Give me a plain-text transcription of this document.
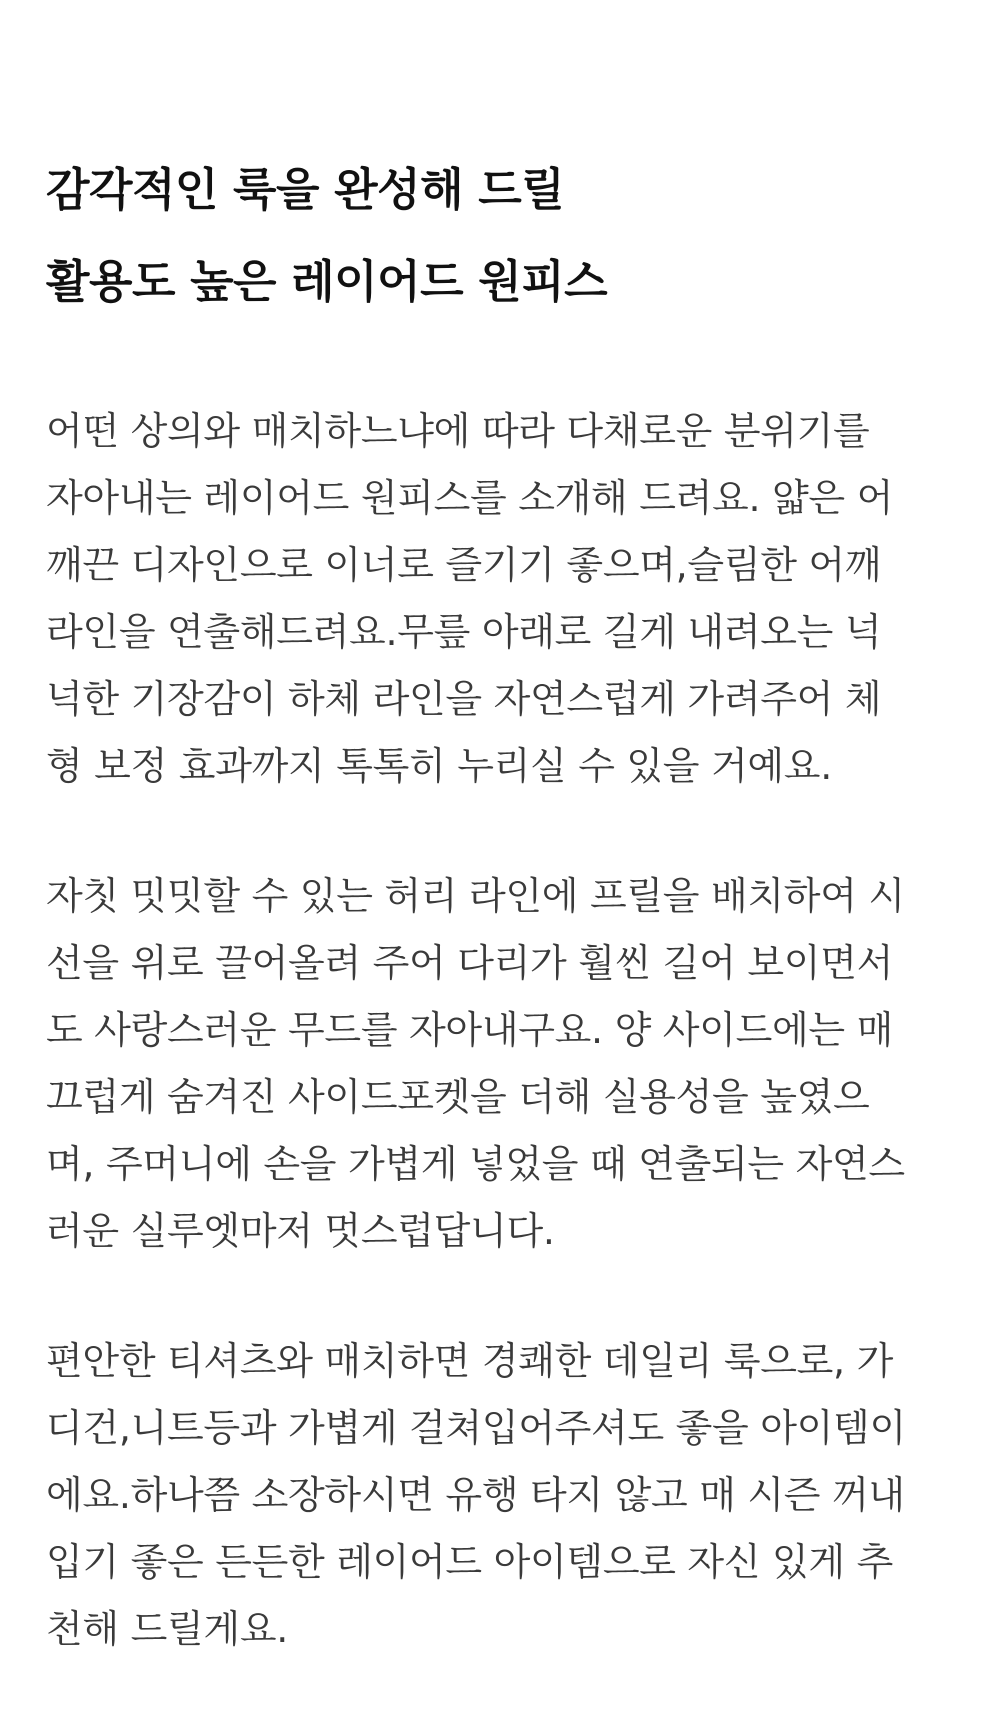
감각적인 룩을 완성해 드릴
활용도 높은 레이어드 원피스

어떤 상의와 매치하느냐에 따라 다채로운 분위기를
자아내는 레이어드 원피스를 소개해 드려요. 얇은 어
깨끈 디자인으로 이너로 즐기기 좋으며,슬림한 어깨
라인을 연출해드려요.무릎 아래로 길게 내려오는 넉
넉한 기장감이 하체 라인을 자연스럽게 가려주어 체
형 보정 효과까지 톡톡히 누리실 수 있을 거예요.

자칫 밋밋할 수 있는 허리 라인에 프릴을 배치하여 시
선을 위로 끌어올려 주어 다리가 훨씬 길어 보이면서
도 사랑스러운 무드를 자아내구요. 양 사이드에는 매
끄럽게 숨겨진 사이드포켓을 더해 실용성을 높였으
며, 주머니에 손을 가볍게 넣었을 때 연출되는 자연스
러운 실루엣마저 멋스럽답니다.

편안한 티셔츠와 매치하면 경쾌한 데일리 룩으로, 가
디건,니트등과 가볍게 걸쳐입어주셔도 좋을 아이템이
에요.하나쯤 소장하시면 유행 타지 않고 매 시즌 꺼내
입기 좋은 든든한 레이어드 아이템으로 자신 있게 추
천해 드릴게요.
